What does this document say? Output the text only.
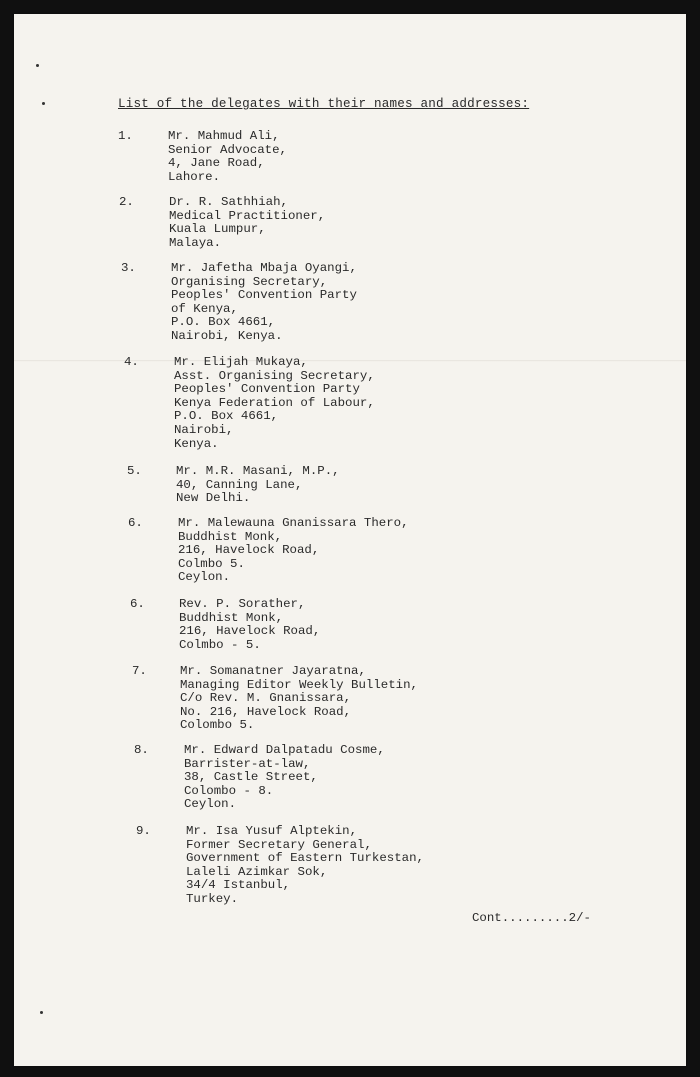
List of the delegates with their names and addresses:
1.	Mr. Mahmud Ali,
Senior Advocate,
4, Jane Road,
Lahore.
2.	Dr. R. Sathhiah,
Medical Practitioner,
Kuala Lumpur,
Malaya.
3.	Mr. Jafetha Mbaja Oyangi,
Organising Secretary,
Peoples' Convention Party
of Kenya,
P.O. Box 4661,
Nairobi, Kenya.
4.	Mr. Elijah Mukaya,
Asst. Organising Secretary,
Peoples' Convention Party
Kenya Federation of Labour,
P.O. Box 4661,
Nairobi,
Kenya.
5.	Mr. M.R. Masani, M.P.,
40, Canning Lane,
New Delhi.
6.	Mr. Malewauna Gnanissara Thero,
Buddhist Monk,
216, Havelock Road,
Colmbo 5.
Ceylon.
6.	Rev. P. Sorather,
Buddhist Monk,
216, Havelock Road,
Colmbo - 5.
7.	Mr. Somanatner Jayaratna,
Managing Editor Weekly Bulletin,
C/o Rev. M. Gnanissara,
No. 216, Havelock Road,
Colombo 5.
8.	Mr. Edward Dalpatadu Cosme,
Barrister-at-law,
38, Castle Street,
Colombo - 8.
Ceylon.
9.	Mr. Isa Yusuf Alptekin,
Former Secretary General,
Government of Eastern Turkestan,
Laleli Azimkar Sok,
34/4 Istanbul,
Turkey.
Cont.........2/-
